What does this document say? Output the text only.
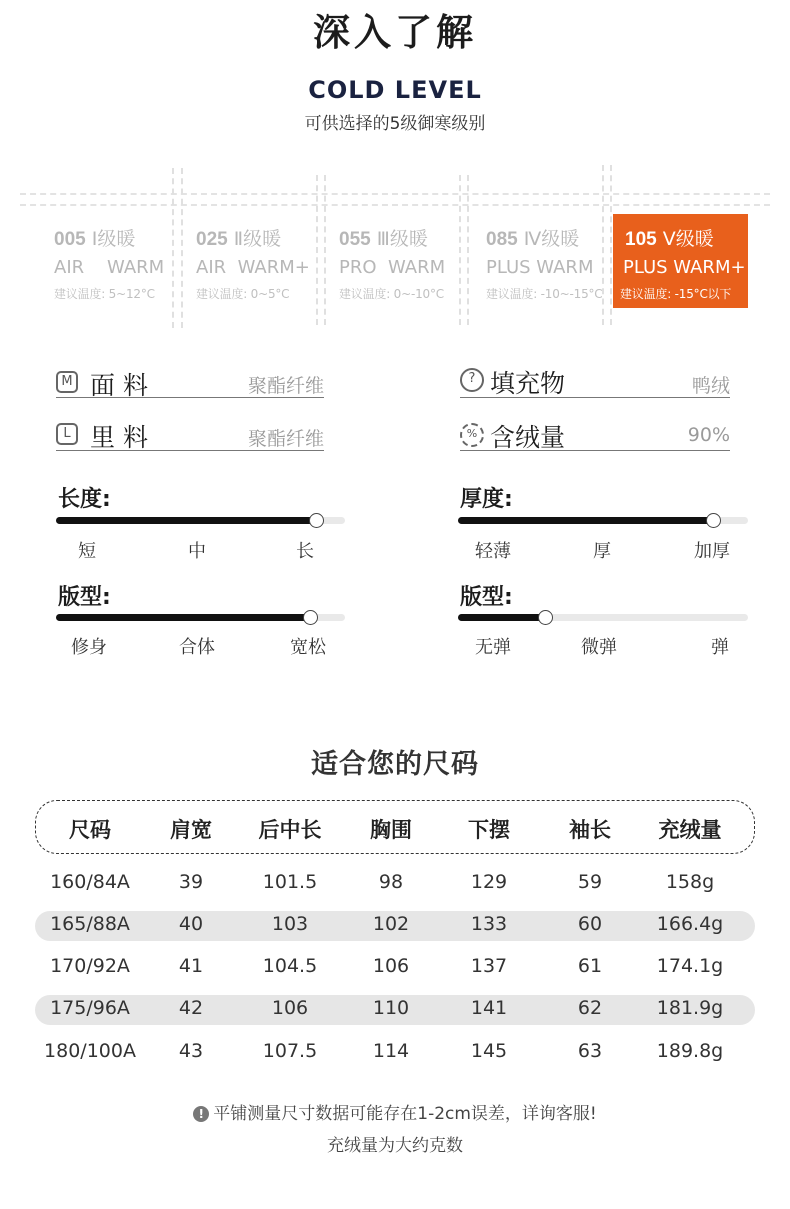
深入了解
COLD LEVEL
可供选择的5级御寒级别
005 Ⅰ级暖
AIR    WARM
建议温度: 5~12°C
025 Ⅱ级暖
AIR  WARM+
建议温度: 0~5°C
055 Ⅲ级暖
PRO  WARM
建议温度: 0~-10°C
085 Ⅳ级暖
PLUS WARM
建议温度: -10~-15°C
105 Ⅴ级暖
PLUS WARM+
建议温度: -15°C以下
M 面 料	聚酯纤维
L 里 料	聚酯纤维
? 填充物	鸭绒
% 含绒量	90%
长度:
短	中	长
厚度:
轻薄	厚	加厚
版型:
修身	合体	宽松
版型:
无弹	微弹	弹
适合您的尺码
尺码	肩宽	后中长	胸围	下摆	袖长	充绒量
160/84A	39	101.5	98	129	59	158g
165/88A	40	103	102	133	60	166.4g
170/92A	41	104.5	106	137	61	174.1g
175/96A	42	106	110	141	62	181.9g
180/100A	43	107.5	114	145	63	189.8g
! 平铺测量尺寸数据可能存在1-2cm误差，详询客服!
充绒量为大约克数
